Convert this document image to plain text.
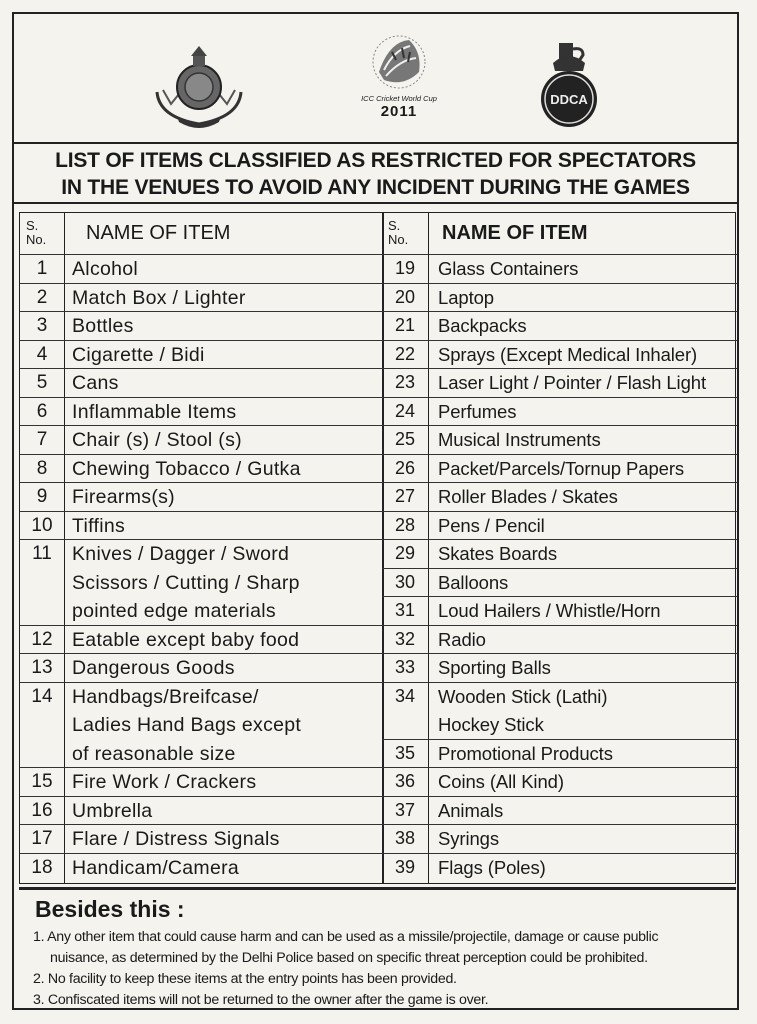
ICC Cricket World Cup
2011
DDCA
LIST OF ITEMS CLASSIFIED AS RESTRICTED FOR SPECTATORS
IN THE VENUES TO AVOID ANY INCIDENT DURING THE GAMES
S.
No. NAME OF ITEM	S.
No. NAME OF ITEM
1	Alcohol
2	Match Box / Lighter
3	Bottles
4	Cigarette / Bidi
5	Cans
6	Inflammable Items
7	Chair (s) / Stool (s)
8	Chewing Tobacco / Gutka
9	Firearms(s)
10 Tiffins
11	Knives / Dagger / Sword
Scissors / Cutting / Sharp
pointed edge materials
12 Eatable except baby food
13 Dangerous Goods
14 Handbags/Breifcase/
Ladies Hand Bags except
of reasonable size
15 Fire Work / Crackers
16 Umbrella
17 Flare / Distress Signals
18 Handicam/Camera
19	Glass Containers
20	Laptop
21	Backpacks
22	Sprays (Except Medical Inhaler)
23	Laser Light / Pointer / Flash Light
24	Perfumes
25	Musical Instruments
26	Packet/Parcels/Tornup Papers
27	Roller Blades / Skates
28	Pens / Pencil
29	Skates Boards
30	Balloons
31	Loud Hailers / Whistle/Horn
32	Radio
33	Sporting Balls
34	Wooden Stick (Lathi)
Hockey Stick
35	Promotional Products
36	Coins (All Kind)
37	Animals
38	Syrings
39	Flags (Poles)
Besides this :
1. Any other item that could cause harm and can be used as a missile/projectile, damage or cause public
nuisance, as determined by the Delhi Police based on specific threat perception could be prohibited.
2. No facility to keep these items at the entry points has been provided.
3. Confiscated items will not be returned to the owner after the game is over.
